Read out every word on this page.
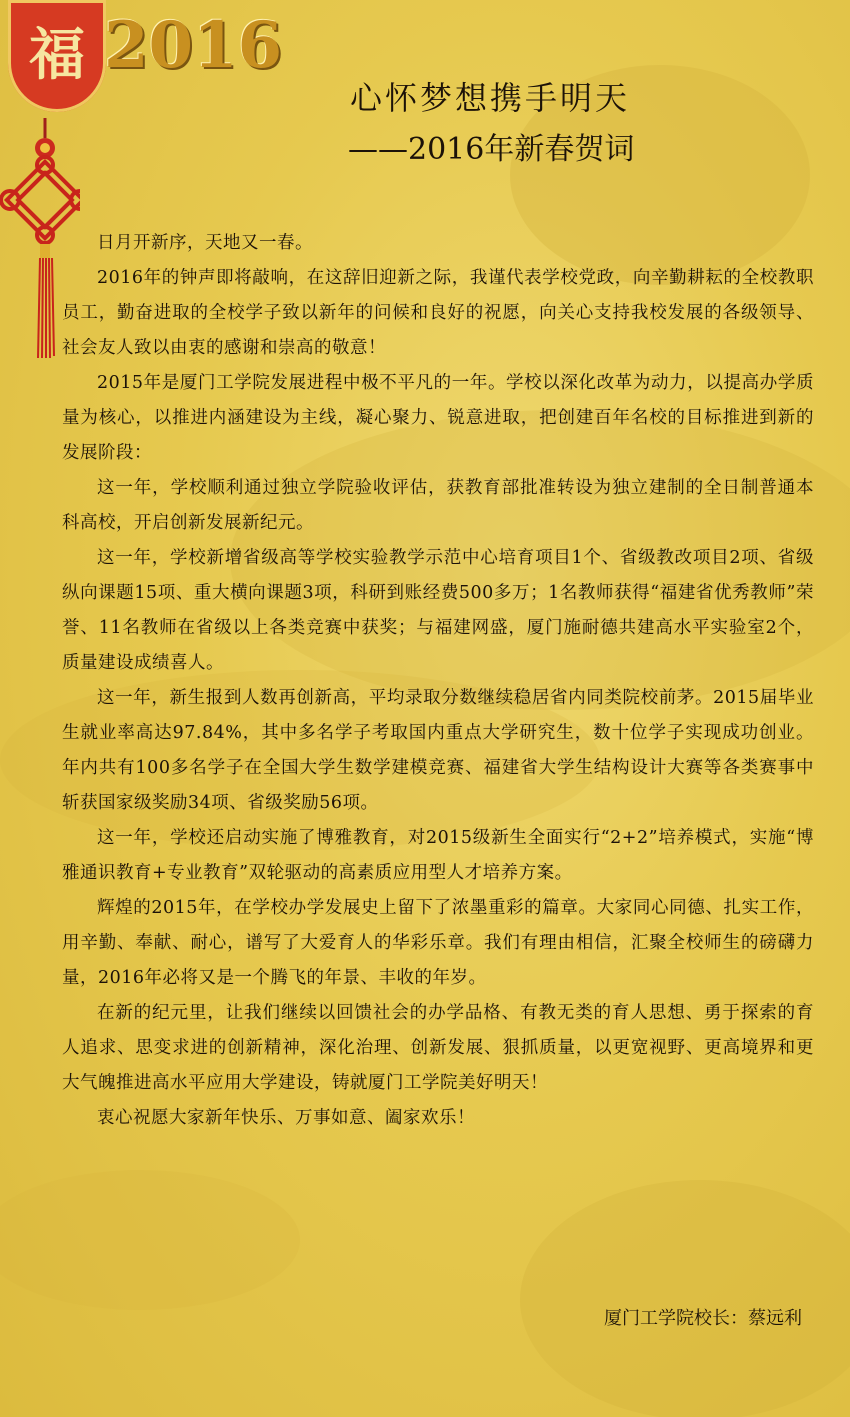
福 2016
心怀梦想携手明天
——2016年新春贺词

日月开新序，天地又一春。

2016年的钟声即将敲响，在这辞旧迎新之际，我谨代表学校党政，向辛勤耕耘的全校教职员工，勤奋进取的全校学子致以新年的问候和良好的祝愿，向关心支持我校发展的各级领导、社会友人致以由衷的感谢和崇高的敬意！

2015年是厦门工学院发展进程中极不平凡的一年。学校以深化改革为动力，以提高办学质量为核心，以推进内涵建设为主线，凝心聚力、锐意进取，把创建百年名校的目标推进到新的发展阶段：

这一年，学校顺利通过独立学院验收评估，获教育部批准转设为独立建制的全日制普通本科高校，开启创新发展新纪元。

这一年，学校新增省级高等学校实验教学示范中心培育项目1个、省级教改项目2项、省级纵向课题15项、重大横向课题3项，科研到账经费500多万；1名教师获得“福建省优秀教师”荣誉、11名教师在省级以上各类竞赛中获奖；与福建网盛，厦门施耐德共建高水平实验室2个，质量建设成绩喜人。

这一年，新生报到人数再创新高，平均录取分数继续稳居省内同类院校前茅。2015届毕业生就业率高达97.84%，其中多名学子考取国内重点大学研究生，数十位学子实现成功创业。年内共有100多名学子在全国大学生数学建模竞赛、福建省大学生结构设计大赛等各类赛事中斩获国家级奖励34项、省级奖励56项。

这一年，学校还启动实施了博雅教育，对2015级新生全面实行“2+2”培养模式，实施“博雅通识教育+专业教育”双轮驱动的高素质应用型人才培养方案。

辉煌的2015年，在学校办学发展史上留下了浓墨重彩的篇章。大家同心同德、扎实工作，用辛勤、奉献、耐心，谱写了大爱育人的华彩乐章。我们有理由相信，汇聚全校师生的磅礴力量，2016年必将又是一个腾飞的年景、丰收的年岁。

在新的纪元里，让我们继续以回馈社会的办学品格、有教无类的育人思想、勇于探索的育人追求、思变求进的创新精神，深化治理、创新发展、狠抓质量，以更宽视野、更高境界和更大气魄推进高水平应用大学建设，铸就厦门工学院美好明天！

衷心祝愿大家新年快乐、万事如意、阖家欢乐！

厦门工学院校长：蔡远利
